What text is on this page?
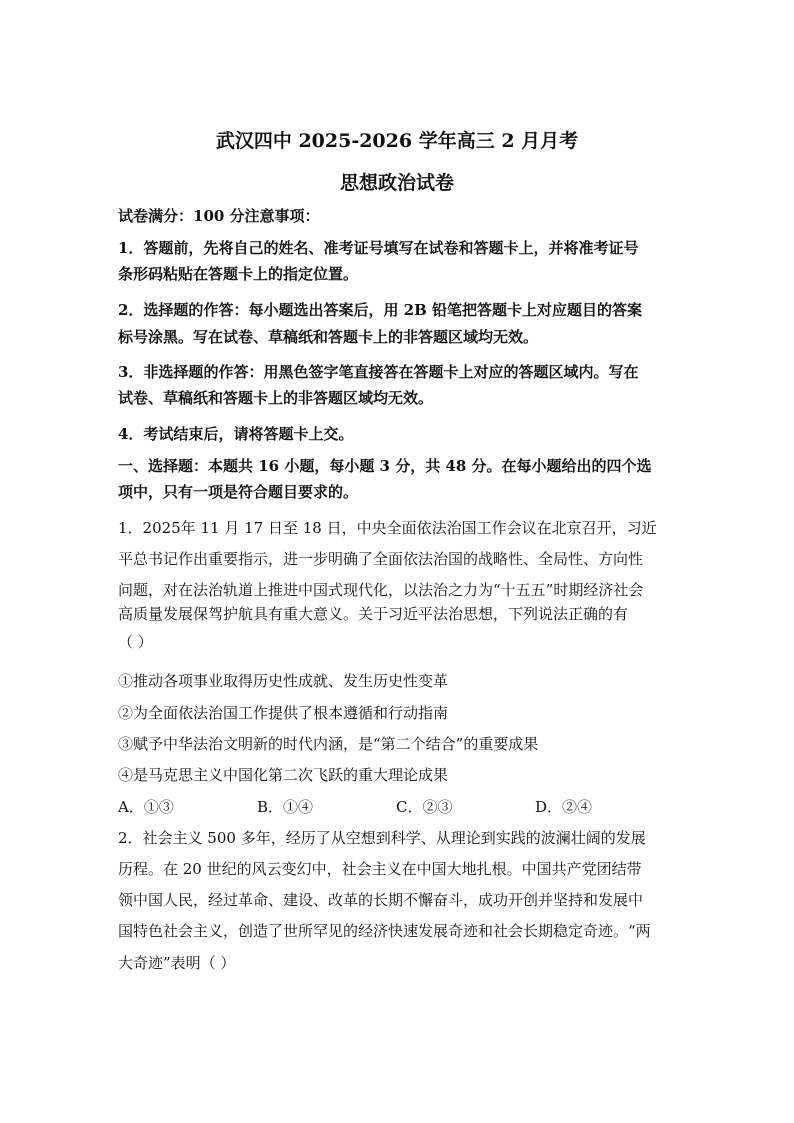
武汉四中 2025-2026 学年高三 2 月月考
思想政治试卷
试卷满分：100 分注意事项：
1．答题前，先将自己的姓名、准考证号填写在试卷和答题卡上，并将准考证号
条形码粘贴在答题卡上的指定位置。
2．选择题的作答：每小题选出答案后，用 2B 铅笔把答题卡上对应题目的答案
标号涂黑。写在试卷、草稿纸和答题卡上的非答题区域均无效。
3．非选择题的作答：用黑色签字笔直接答在答题卡上对应的答题区域内。写在
试卷、草稿纸和答题卡上的非答题区域均无效。
4．考试结束后，请将答题卡上交。
一、选择题：本题共 16 小题，每小题 3 分，共 48 分。在每小题给出的四个选
项中，只有一项是符合题目要求的。
1．2025年 11 月 17 日至 18 日，中央全面依法治国工作会议在北京召开，习近
平总书记作出重要指示，进一步明确了全面依法治国的战略性、全局性、方向性
问题，对在法治轨道上推进中国式现代化，以法治之力为“十五五”时期经济社会
高质量发展保驾护航具有重大意义。关于习近平法治思想，下列说法正确的有
（ ）
①推动各项事业取得历史性成就、发生历史性变革
②为全面依法治国工作提供了根本遵循和行动指南
③赋予中华法治文明新的时代内涵，是“第二个结合”的重要成果
④是马克思主义中国化第二次飞跃的重大理论成果
A．①③	B．①④	C．②③	D．②④
2．社会主义 500 多年，经历了从空想到科学、从理论到实践的波澜壮阔的发展
历程。在 20 世纪的风云变幻中，社会主义在中国大地扎根。中国共产党团结带
领中国人民，经过革命、建设、改革的长期不懈奋斗，成功开创并坚持和发展中
国特色社会主义，创造了世所罕见的经济快速发展奇迹和社会长期稳定奇迹。“两
大奇迹”表明（ ）
